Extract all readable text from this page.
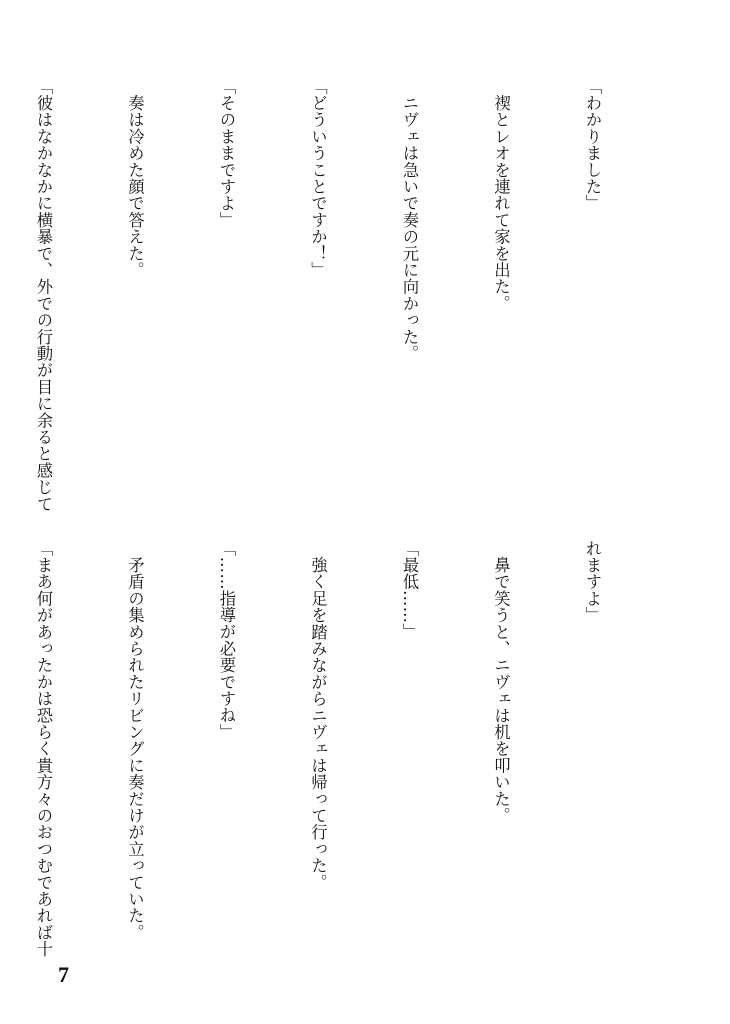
「わかりました」

　禊とレオを連れて家を出た。

　ニヴェは急いで奏の元に向かった。

「どういうことですか！」

「そのままですよ」

　奏は冷めた顔で答えた。

「彼はなかなかに横暴で、外での行動が目に余ると感じて

れますよ」

　鼻で笑うと、ニヴェは机を叩いた。

「最低……」

　強く足を踏みながらニヴェは帰って行った。

「……指導が必要ですね」

　矛盾の集められたリビングに奏だけが立っていた。

「まあ何があったかは恐らく貴方々のおつむであれば十

7
